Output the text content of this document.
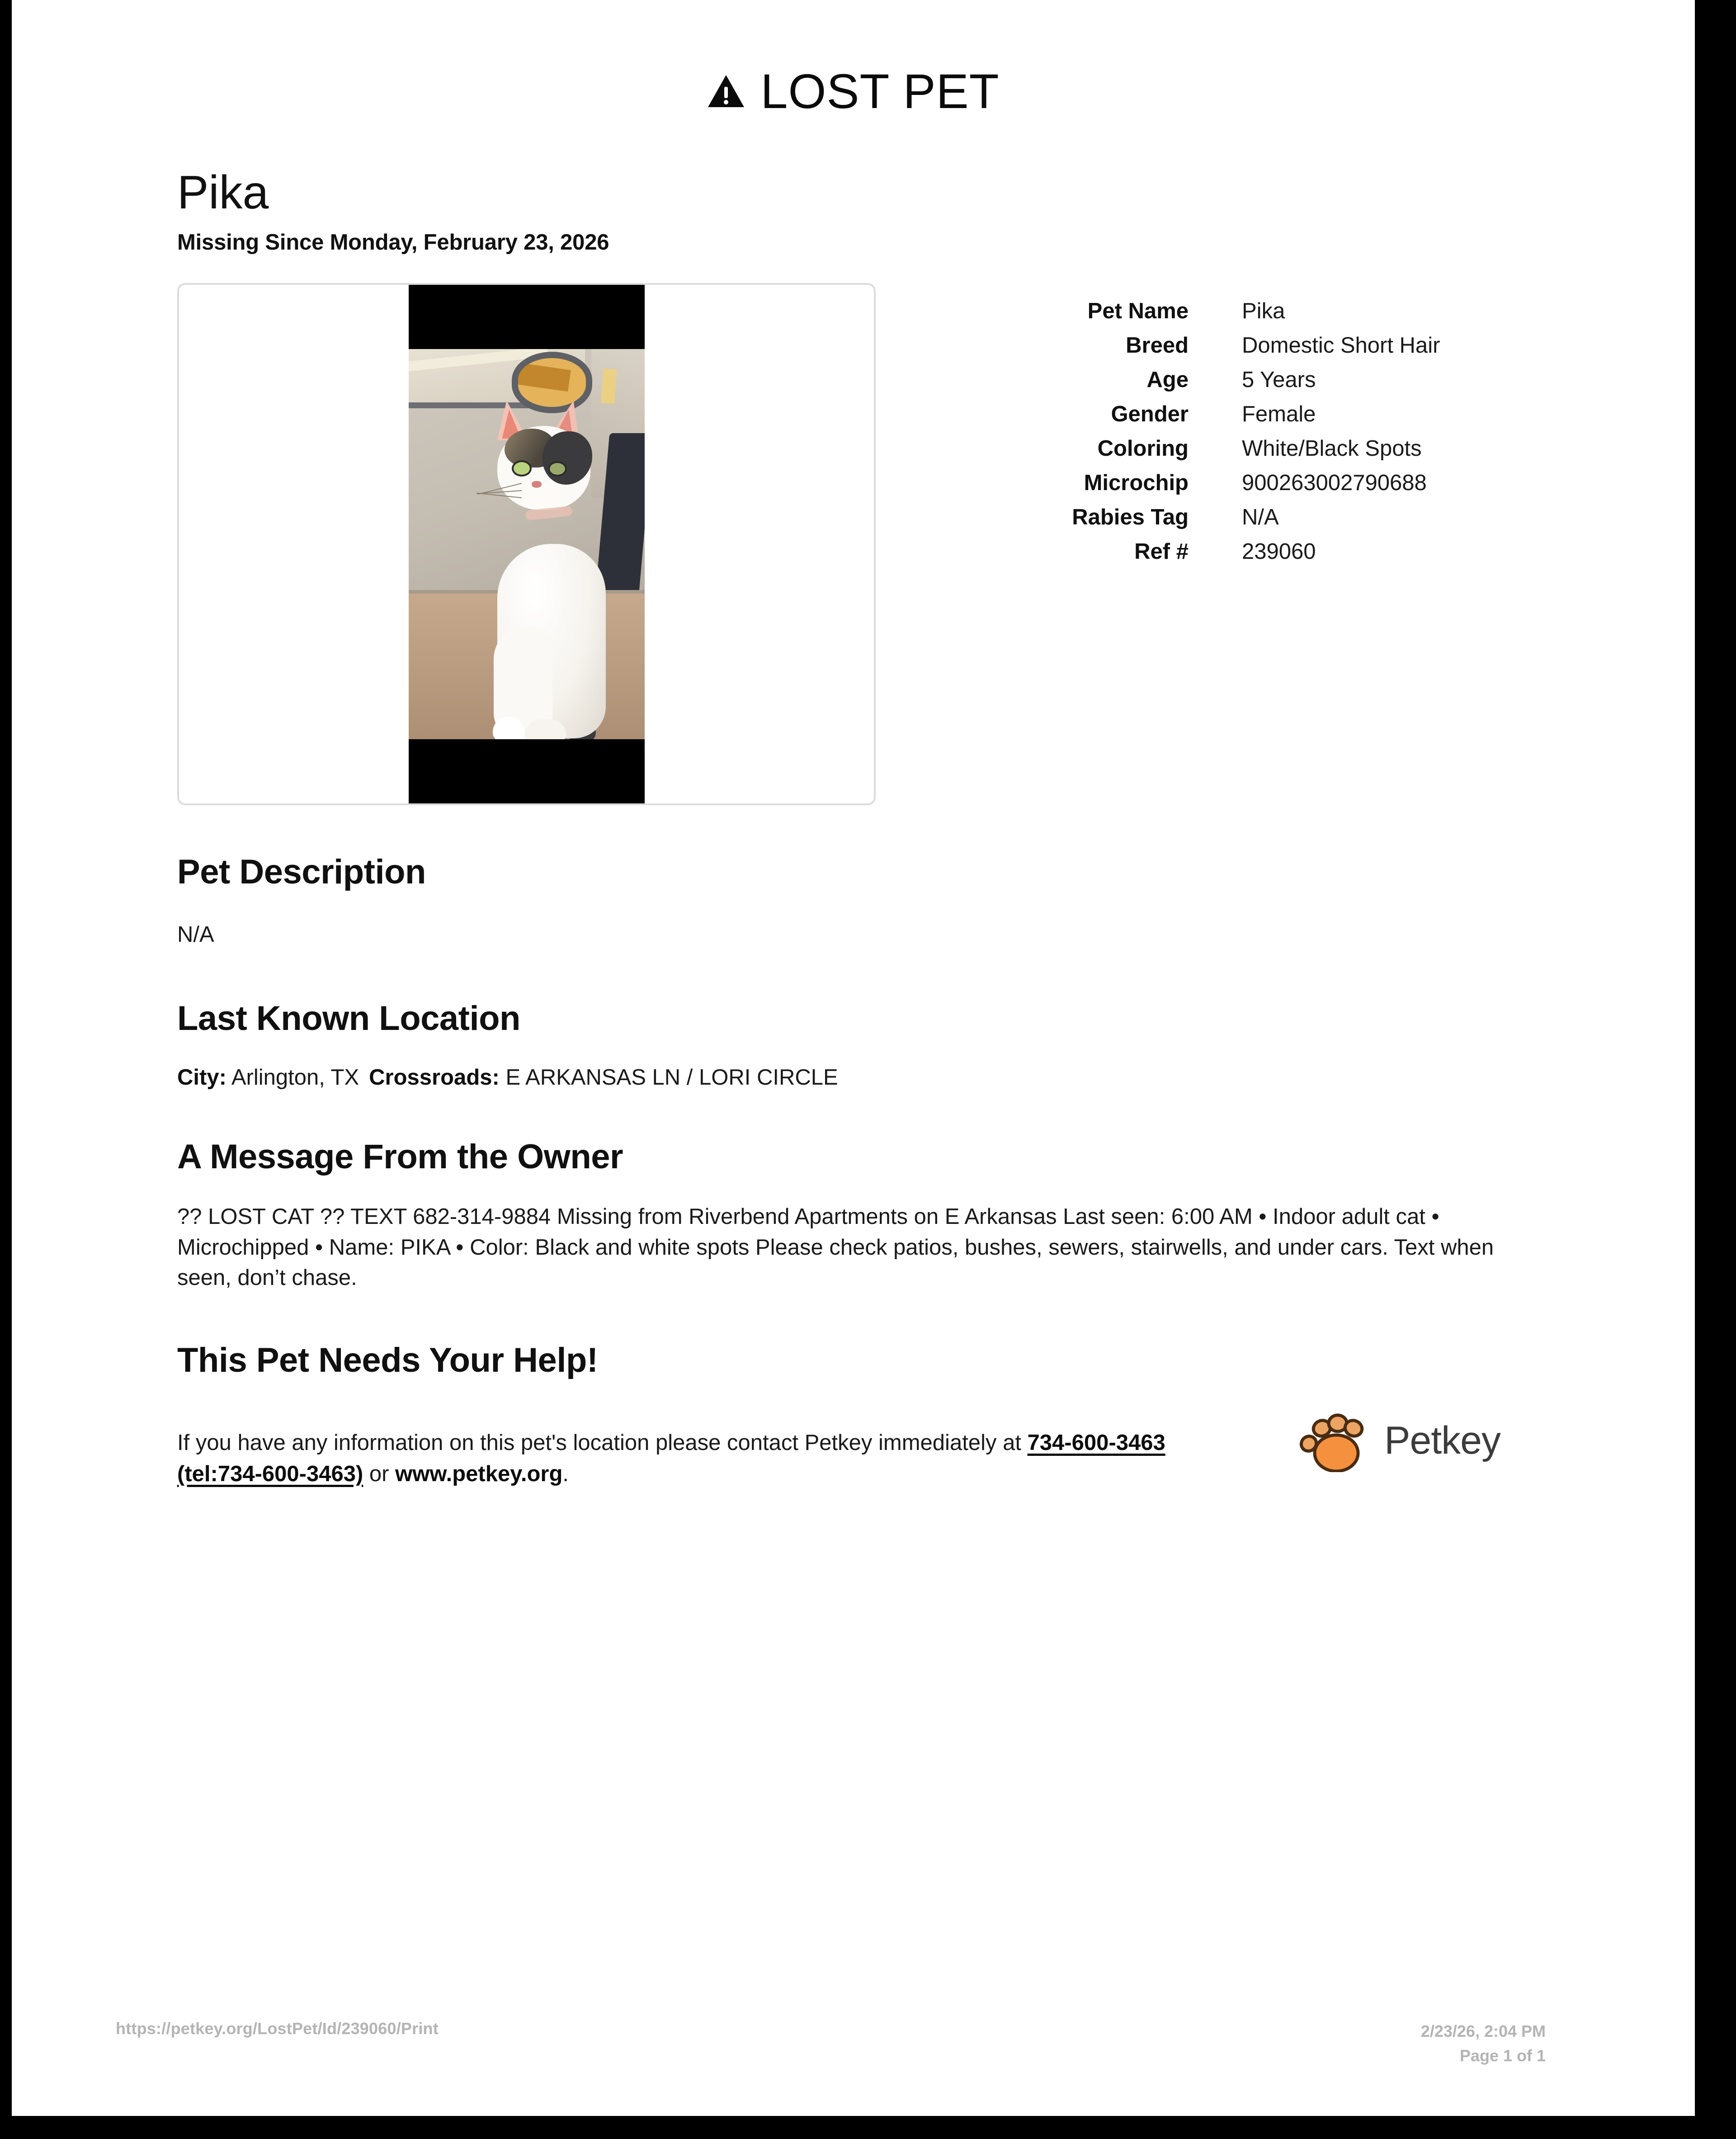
LOST PET
Pika
Missing Since Monday, February 23, 2026
Pet Name	Pika
Breed	Domestic Short Hair
Age	5 Years
Gender	Female
Coloring	White/Black Spots
Microchip	900263002790688
Rabies Tag	N/A
Ref #	239060
Pet Description

N/A

Last Known Location

City: Arlington, TX Crossroads: E ARKANSAS LN / LORI CIRCLE

A Message From the Owner

?? LOST CAT ?? TEXT 682-314-9884 Missing from Riverbend Apartments on E Arkansas Last seen: 6:00 AM • Indoor adult cat • Microchipped • Name: PIKA • Color: Black and white spots Please check patios, bushes, sewers, stairwells, and under cars. Text when seen, don’t chase.

This Pet Needs Your Help!

If you have any information on this pet's location please contact Petkey immediately at 734-600-3463 (tel:734-600-3463) or www.petkey.org.

Petkey
https://petkey.org/LostPet/Id/239060/Print	2/23/26, 2:04 PM
Page 1 of 1
